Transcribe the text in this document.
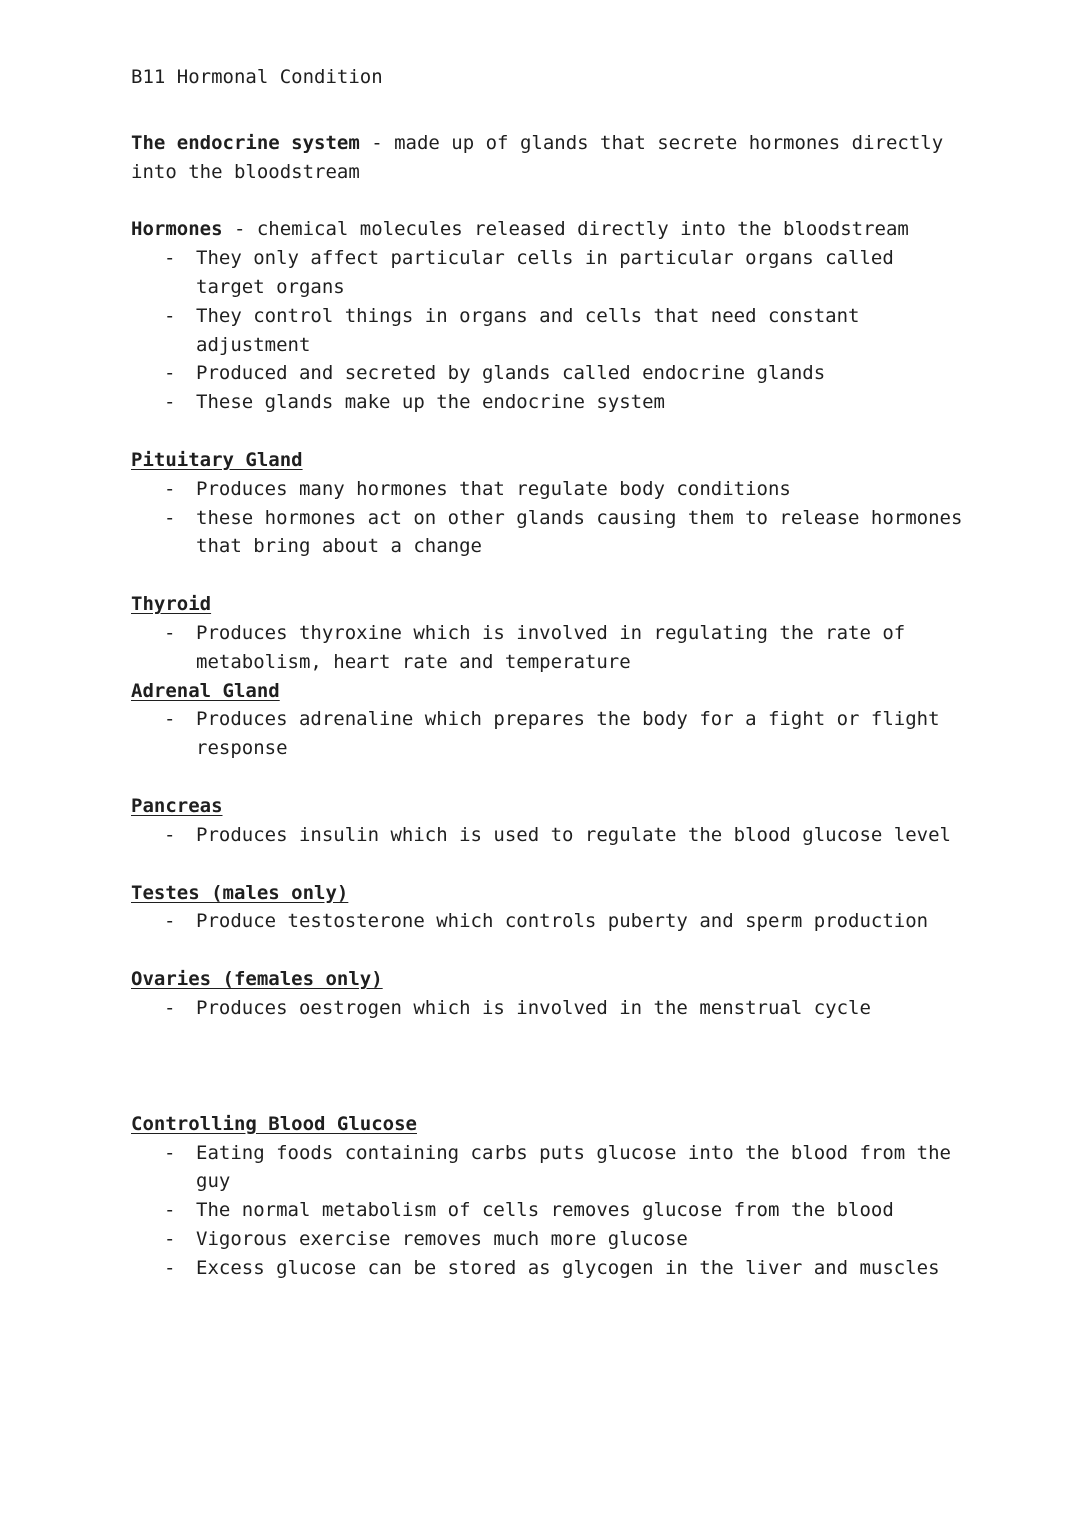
B11 Hormonal Condition

The endocrine system - made up of glands that secrete hormones directly into the bloodstream

Hormones - chemical molecules released directly into the bloodstream

- They only affect particular cells in particular organs called target organs
- They control things in organs and cells that need constant adjustment
- Produced and secreted by glands called endocrine glands
- These glands make up the endocrine system

Pituitary Gland

- Produces many hormones that regulate body conditions
- these hormones act on other glands causing them to release hormones that bring about a change

Thyroid

- Produces thyroxine which is involved in regulating the rate of metabolism, heart rate and temperature

Adrenal Gland

- Produces adrenaline which prepares the body for a fight or flight response

Pancreas

- Produces insulin which is used to regulate the blood glucose level

Testes (males only)

- Produce testosterone which controls puberty and sperm production

Ovaries (females only)

- Produces oestrogen which is involved in the menstrual cycle

Controlling Blood Glucose

- Eating foods containing carbs puts glucose into the blood from the guy
- The normal metabolism of cells removes glucose from the blood
- Vigorous exercise removes much more glucose
- Excess glucose can be stored as glycogen in the liver and muscles
